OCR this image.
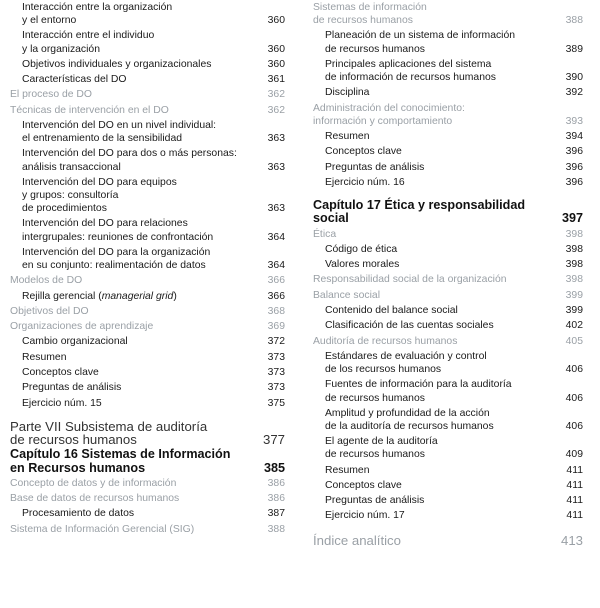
Interacción entre la organización
y el entorno	360
Interacción entre el individuo
y la organización	360
Objetivos individuales y organizacionales	360
Características del DO	361
El proceso de DO	362
Técnicas de intervención en el DO	362
Intervención del DO en un nivel individual:
el entrenamiento de la sensibilidad	363
Intervención del DO para dos o más personas:
análisis transaccional	363
Intervención del DO para equipos
y grupos: consultoría
de procedimientos	363
Intervención del DO para relaciones
intergrupales: reuniones de confrontación	364
Intervención del DO para la organización
en su conjunto: realimentación de datos	364
Modelos de DO	366
Rejilla gerencial (managerial grid)	366
Objetivos del DO	368
Organizaciones de aprendizaje	369
Cambio organizacional	372
Resumen	373
Conceptos clave	373
Preguntas de análisis	373
Ejercicio núm. 15	375
Parte VII Subsistema de auditoría
de recursos humanos	377
Capítulo 16 Sistemas de Información
en Recursos humanos	385
Concepto de datos y de información	386
Base de datos de recursos humanos	386
Procesamiento de datos	387
Sistema de Información Gerencial (SIG)	388
Sistemas de información
de recursos humanos	388
Planeación de un sistema de información
de recursos humanos	389
Principales aplicaciones del sistema
de información de recursos humanos	390
Disciplina	392
Administración del conocimiento:
información y comportamiento	393
Resumen	394
Conceptos clave	396
Preguntas de análisis	396
Ejercicio núm. 16	396
Capítulo 17 Ética y responsabilidad
social	397
Ética	398
Código de ética	398
Valores morales	398
Responsabilidad social de la organización	398
Balance social	399
Contenido del balance social	399
Clasificación de las cuentas sociales	402
Auditoría de recursos humanos	405
Estándares de evaluación y control
de los recursos humanos	406
Fuentes de información para la auditoría
de recursos humanos	406
Amplitud y profundidad de la acción
de la auditoría de recursos humanos	406
El agente de la auditoría
de recursos humanos	409
Resumen	411
Conceptos clave	411
Preguntas de análisis	411
Ejercicio núm. 17	411
Índice analítico	413
